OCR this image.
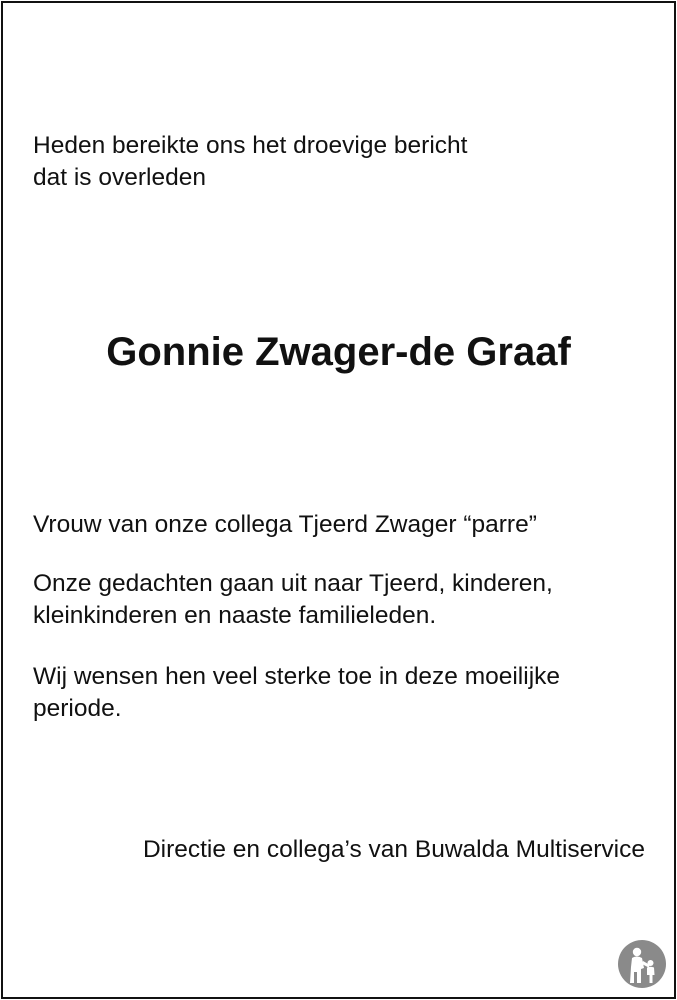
Heden bereikte ons het droevige bericht
dat is overleden

Gonnie Zwager-de Graaf

Vrouw van onze collega Tjeerd Zwager “parre”

Onze gedachten gaan uit naar Tjeerd, kinderen,
kleinkinderen en naaste familieleden.

Wij wensen hen veel sterke toe in deze moeilijke
periode.

Directie en collega’s van Buwalda Multiservice
